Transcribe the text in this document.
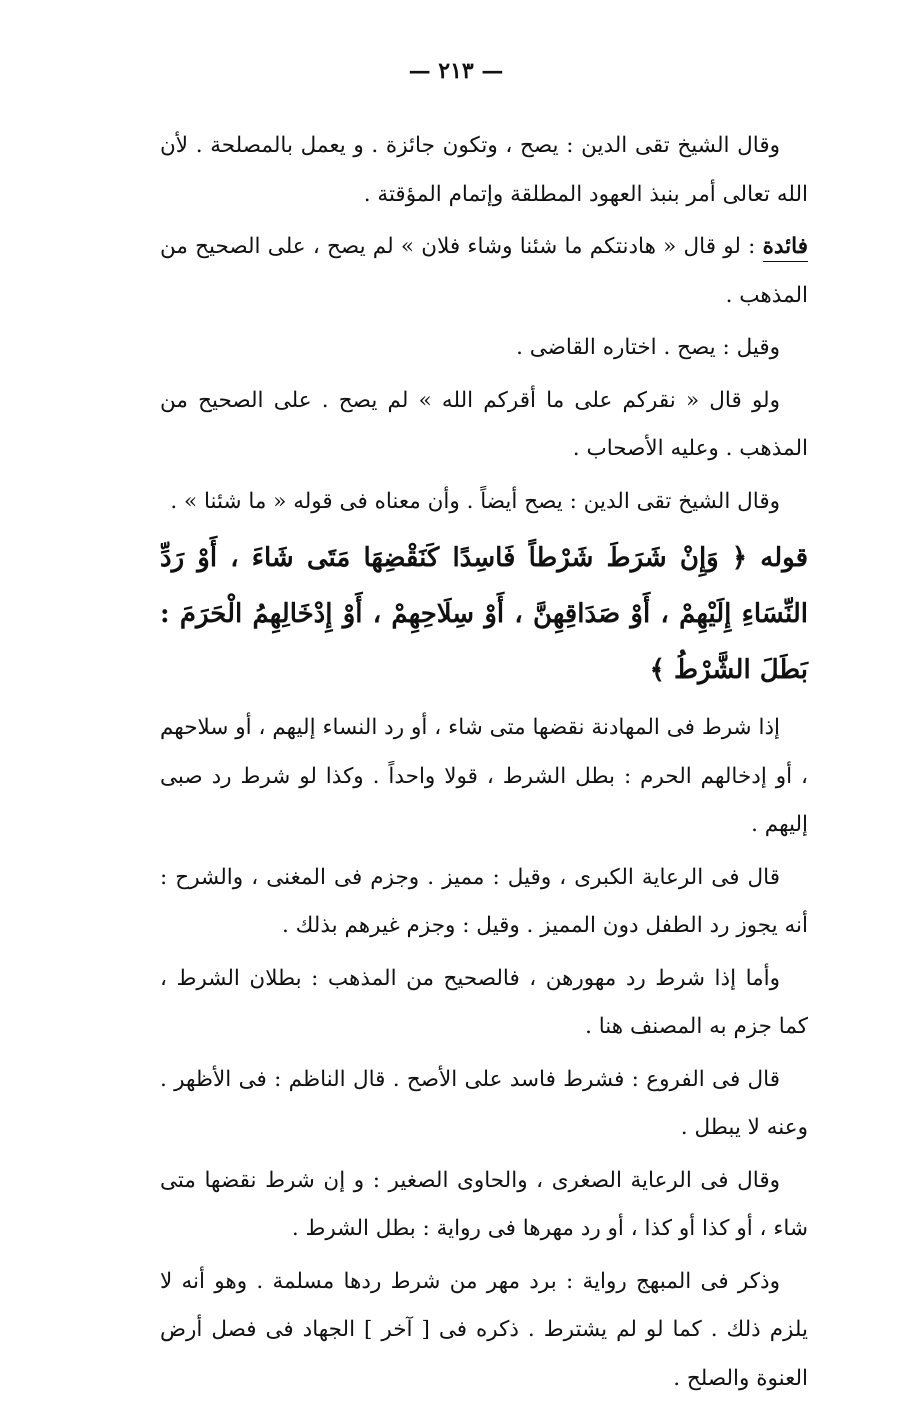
— ٢١٣ —

وقال الشيخ تقى الدين : يصح ، وتكون جائزة . و يعمل بالمصلحة . لأن الله تعالى أمر بنبذ العهود المطلقة وإتمام المؤقتة .

فائدة : لو قال « هادنتكم ما شئنا وشاء فلان » لم يصح ، على الصحيح من المذهب .

وقيل : يصح . اختاره القاضى .

ولو قال « نقركم على ما أقركم الله » لم يصح . على الصحيح من المذهب . وعليه الأصحاب .

وقال الشيخ تقى الدين : يصح أيضاً . وأن معناه فى قوله « ما شئنا » .

قوله ﴿ وَإِنْ شَرَطَ شَرْطاً فَاسِدًا كَنَقْضِهَا مَتَى شَاءَ ، أَوْ رَدِّ النِّسَاءِ إِلَيْهِمْ ، أَوْ صَدَاقِهِنَّ ، أَوْ سِلَاحِهِمْ ، أَوْ إِدْخَالِهِمُ الْحَرَمَ : بَطَلَ الشَّرْطُ ﴾

إذا شرط فى المهادنة نقضها متى شاء ، أو رد النساء إليهم ، أو سلاحهم ، أو إدخالهم الحرم : بطل الشرط ، قولا واحداً . وكذا لو شرط رد صبى إليهم .

قال فى الرعاية الكبرى ، وقيل : مميز . وجزم فى المغنى ، والشرح : أنه يجوز رد الطفل دون المميز . وقيل : وجزم غيرهم بذلك .

وأما إذا شرط رد مهورهن ، فالصحيح من المذهب : بطلان الشرط ، كما جزم به المصنف هنا .

قال فى الفروع : فشرط فاسد على الأصح . قال الناظم : فى الأظهر . وعنه لا يبطل .

وقال فى الرعاية الصغرى ، والحاوى الصغير : و إن شرط نقضها متى شاء ، أو كذا أو كذا ، أو رد مهرها فى رواية : بطل الشرط .

وذكر فى المبهج رواية : برد مهر من شرط ردها مسلمة . وهو أنه لا يلزم ذلك . كما لو لم يشترط . ذكره فى [ آخر ] الجهاد فى فصل أرض العنوة والصلح .
